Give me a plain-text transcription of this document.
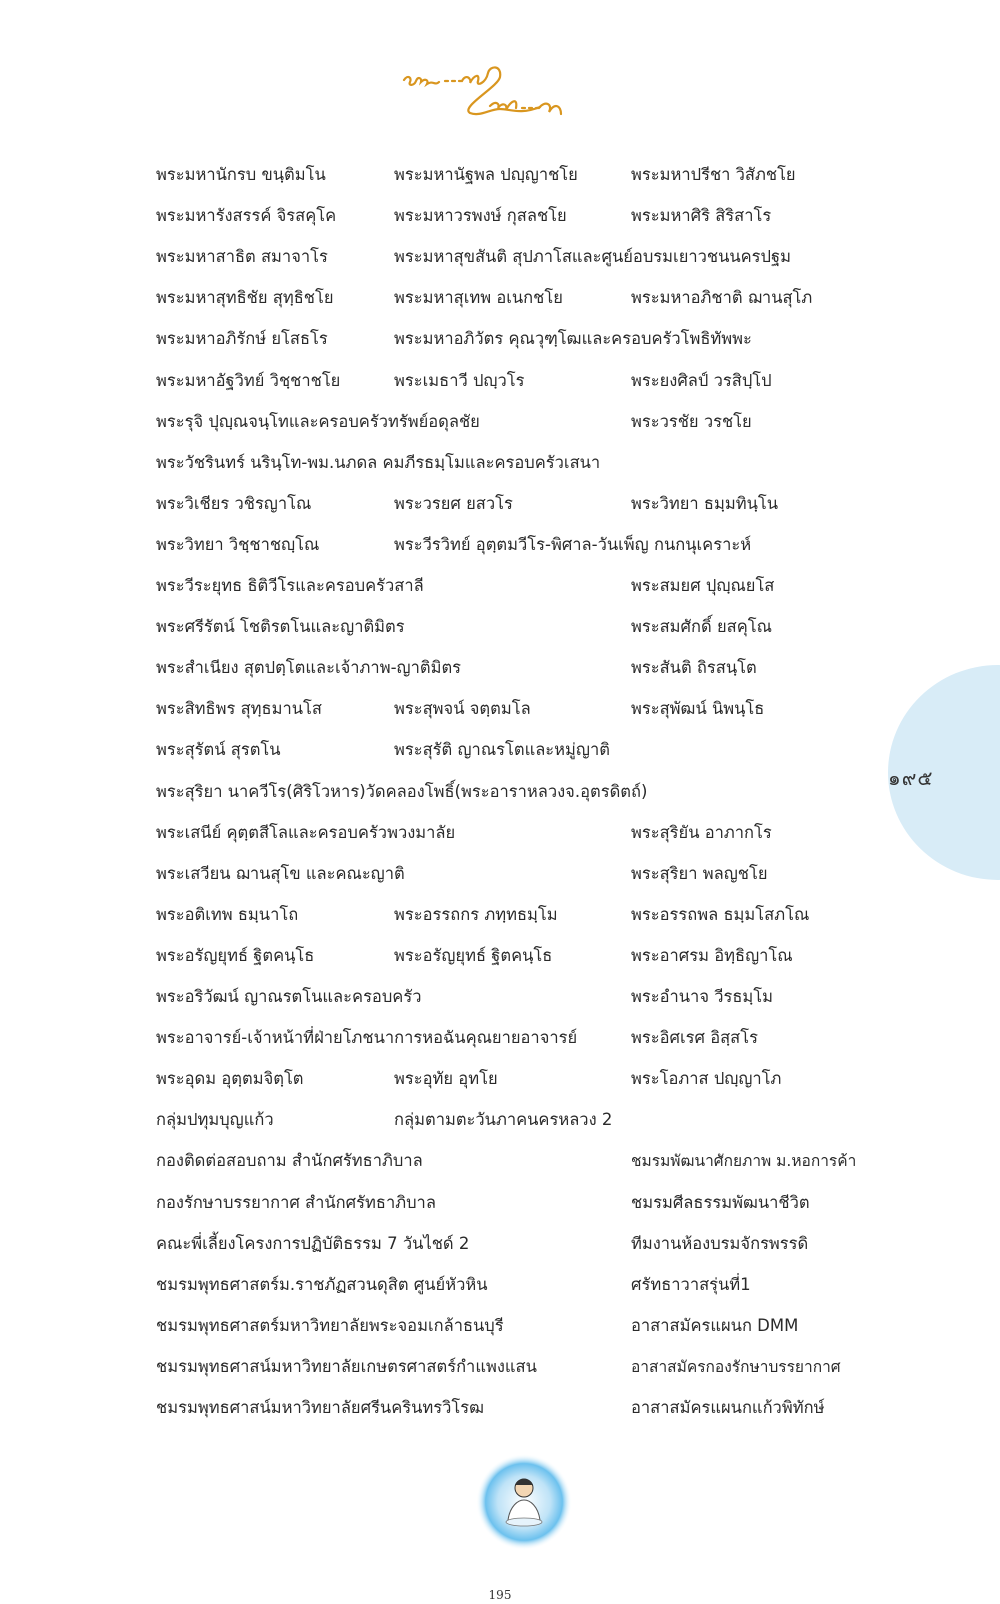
๑๙๕
พระมหานักรบ ขนฺติมโน	พระมหานัฐพล ปญฺญาชโย	พระมหาปรีชา วิสัภชโย
พระมหารังสรรค์ จิรสคุโค	พระมหาวรพงษ์ กุสลชโย	พระมหาศิริ สิริสาโร
พระมหาสาธิต สมาจาโร	พระมหาสุขสันติ สุปภาโสและศูนย์อบรมเยาวชนนครปฐม
พระมหาสุทธิชัย สุทฺธิชโย	พระมหาสุเทพ อเนกชโย	พระมหาอภิชาติ ฌานสุโภ
พระมหาอภิรักษ์ ยโสธโร	พระมหาอภิวัตร คุณวุฑฺโฒและครอบครัวโพธิทัพพะ
พระมหาอัฐวิทย์ วิชฺชาชโย	พระเมธาวี ปญฺวโร	พระยงศิลป์ วรสิปฺโป
พระรุจิ ปุญฺณจนฺโทและครอบครัวทรัพย์อดุลชัย	พระวรชัย วรชโย
พระวัชรินทร์ นรินฺโท-พม.นภดล คมภีรธมฺโมและครอบครัวเสนา
พระวิเชียร วชิรญาโณ	พระวรยศ ยสวโร	พระวิทยา ธมฺมทินฺโน
พระวิทยา วิชฺชาชญฺโณ	พระวีรวิทย์ อุตฺตมวีโร-พิศาล-วันเพ็ญ กนกนุเคราะห์
พระวีระยุทธ ธิติวีโรและครอบครัวสาลี	พระสมยศ ปุญฺณยโส
พระศรีรัตน์ โชติรตโนและญาติมิตร	พระสมศักดิ์ ยสคุโณ
พระสำเนียง สุตปตฺโตและเจ้าภาพ-ญาติมิตร	พระสันติ ถิรสนฺโต
พระสิทธิพร สุทฺธมานโส	พระสุพจน์ จตฺตมโล	พระสุพัฒน์ นิพนฺโธ
พระสุรัตน์ สุรตโน	พระสุรัติ ญาณรโตและหมู่ญาติ
พระสุริยา นาควีโร(ศิริโวหาร)วัดคลองโพธิ์(พระอาราหลวงจ.อุตรดิตถ์)
พระเสนีย์ คุตฺตสีโลและครอบครัวพวงมาลัย	พระสุริยัน อาภากโร
พระเสวียน ฌานสุโข และคณะญาติ	พระสุริยา พลญชโย
พระอติเทพ ธมฺนาโถ	พระอรรถกร ภทฺทธมฺโม	พระอรรถพล ธมฺมโสภโณ
พระอรัญยุทธ์ ฐิตคนฺโธ	พระอรัญยุทธ์ ฐิตคนฺโธ	พระอาศรม อิทฺธิญาโณ
พระอริวัฒน์ ญาณรตโนและครอบครัว	พระอำนาจ วีรธมฺโม
พระอาจารย์-เจ้าหน้าที่ฝ่ายโภชนาการหอฉันคุณยายอาจารย์	พระอิศเรศ อิสฺสโร
พระอุดม อุตฺตมจิตฺโต	พระอุทัย อุทโย	พระโอภาส ปญฺญาโภ
กลุ่มปทุมบุญแก้ว	กลุ่มตามตะวันภาคนครหลวง 2
กองติดต่อสอบถาม สำนักศรัทธาภิบาล	ชมรมพัฒนาศักยภาพ ม.หอการค้า
กองรักษาบรรยากาศ สำนักศรัทธาภิบาล	ชมรมศีลธรรมพัฒนาชีวิต
คณะพี่เลี้ยงโครงการปฏิบัติธรรม 7 วันไชด์ 2	ทีมงานห้องบรมจักรพรรดิ
ชมรมพุทธศาสตร์ม.ราชภัฏสวนดุสิต ศูนย์หัวหิน	ศรัทธาวาสรุ่นที่1
ชมรมพุทธศาสตร์มหาวิทยาลัยพระจอมเกล้าธนบุรี	อาสาสมัครแผนก DMM
ชมรมพุทธศาสน์มหาวิทยาลัยเกษตรศาสตร์กำแพงแสน	อาสาสมัครกองรักษาบรรยากาศ
ชมรมพุทธศาสน์มหาวิทยาลัยศรีนครินทรวิโรฒ	อาสาสมัครแผนกแก้วพิทักษ์
195
